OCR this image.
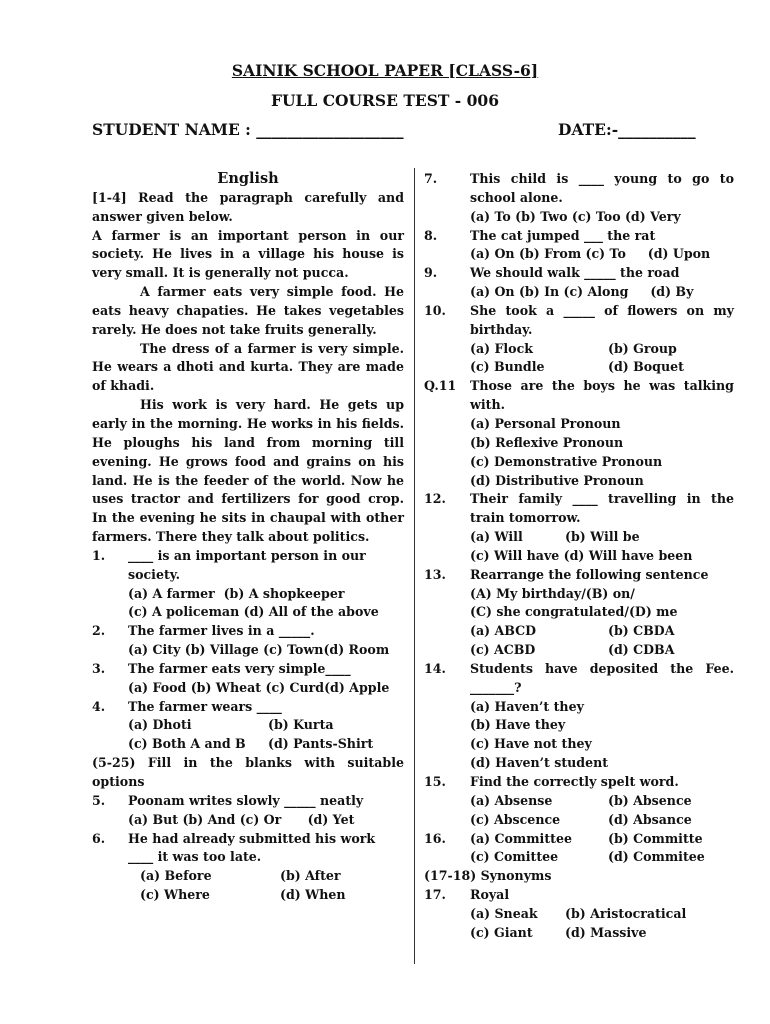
SAINIK SCHOOL PAPER [CLASS-6]
FULL COURSE TEST - 006
STUDENT NAME : ___________________	DATE:-__________
English
[1-4] Read the paragraph carefully and answer given below.
A farmer is an important person in our society. He lives in a village his house is very small. It is generally not pucca.
A farmer eats very simple food. He eats heavy chapaties. He takes vegetables rarely. He does not take fruits generally.
The dress of a farmer is very simple. He wears a dhoti and kurta. They are made of khadi.
His work is very hard. He gets up early in the morning. He works in his fields. He ploughs his land from morning till evening. He grows food and grains on his land. He is the feeder of the world. Now he uses tractor and fertilizers for good crop. In the evening he sits in chaupal with other farmers. There they talk about politics.
1.	____ is an important person in our society.
(a) A farmer (b) A shopkeeper
(c) A policeman (d) All of the above
2.	The farmer lives in a _____.
(a) City (b) Village (c) Town(d) Room
3.	The farmer eats very simple____
(a) Food (b) Wheat (c) Curd(d) Apple
4.	The farmer wears ____
(a) Dhoti	(b) Kurta
(c) Both A and B	(d) Pants-Shirt
(5-25) Fill in the blanks with suitable options
5.	Poonam writes slowly _____ neatly
(a) But (b) And (c) Or      (d) Yet
6.	He had already submitted his work ____ it was too late.
(a) Before	(b) After
(c) Where	(d) When
7.	This child is ____ young to go to school alone.
(a) To (b) Two (c) Too (d) Very
8.	The cat jumped ___ the rat
(a) On (b) From (c) To     (d) Upon
9.	We should walk _____ the road
(a) On (b) In (c) Along     (d) By
10.	She took a _____ of flowers on my birthday.
(a) Flock	(b) Group
(c) Bundle	(d) Boquet
Q.11	Those are the boys he was talking with.
(a) Personal Pronoun
(b) Reflexive Pronoun
(c) Demonstrative Pronoun
(d) Distributive Pronoun
12.	Their family ____ travelling in the train tomorrow.
(a) Will	(b) Will be
(c) Will have (d) Will have been
13.	Rearrange the following sentence
(A) My birthday/(B) on/
(C) she congratulated/(D) me
(a) ABCD	(b) CBDA
(c) ACBD	(d) CDBA
14.	Students have deposited the Fee. _______?
(a) Haven’t they
(b) Have they
(c) Have not they
(d) Haven’t student
15.	Find the correctly spelt word.
(a) Absense	(b) Absence
(c) Abscence	(d) Absance
16.	(a) Committee	(b) Committe
(c) Comittee	(d) Commitee
(17-18) Synonyms
17.	Royal
(a) Sneak	(b) Aristocratical
(c) Giant	(d) Massive
